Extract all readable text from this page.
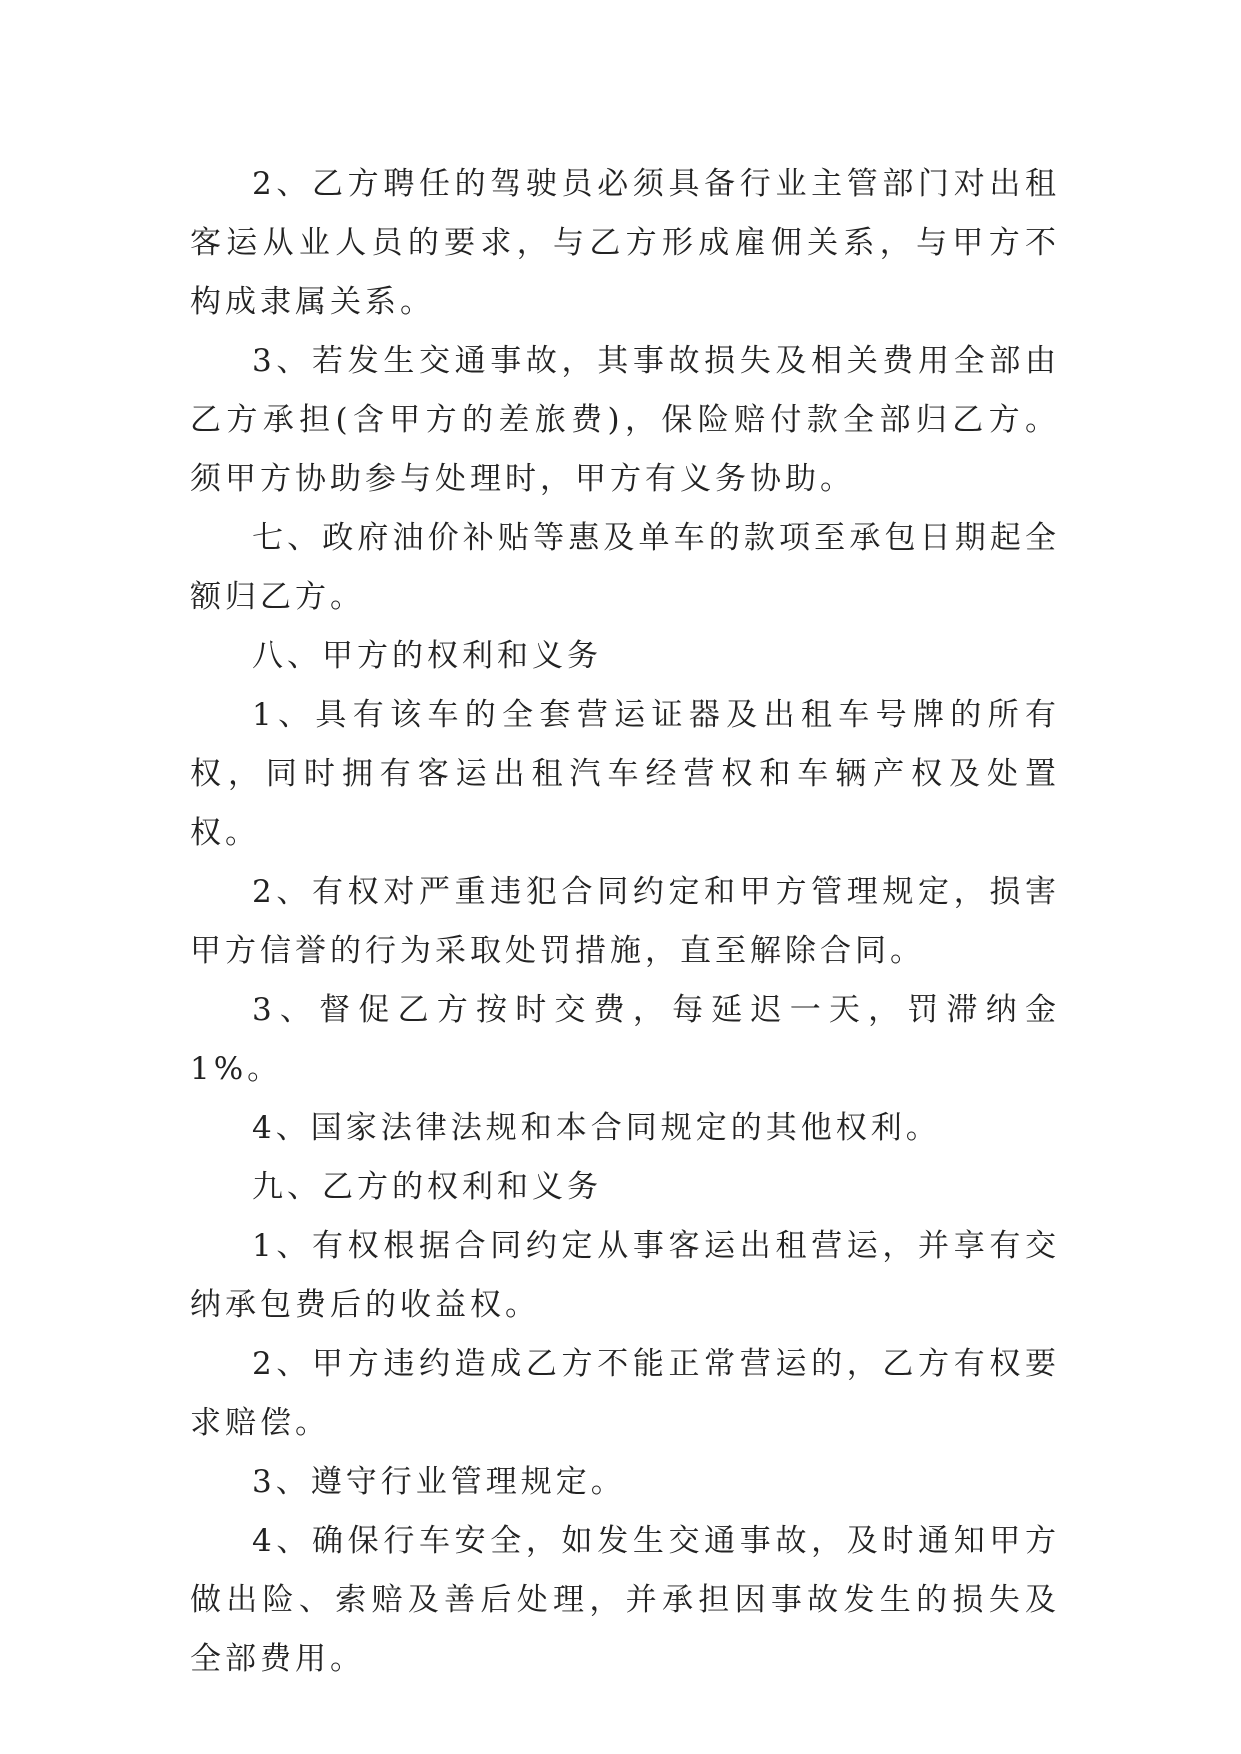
2、乙方聘任的驾驶员必须具备行业主管部门对出租客运从业人员的要求，与乙方形成雇佣关系，与甲方不构成隶属关系。

3、若发生交通事故，其事故损失及相关费用全部由乙方承担(含甲方的差旅费)，保险赔付款全部归乙方。须甲方协助参与处理时，甲方有义务协助。

七、政府油价补贴等惠及单车的款项至承包日期起全额归乙方。

八、甲方的权利和义务

1、具有该车的全套营运证器及出租车号牌的所有权，同时拥有客运出租汽车经营权和车辆产权及处置权。

2、有权对严重违犯合同约定和甲方管理规定，损害甲方信誉的行为采取处罚措施，直至解除合同。

3、督促乙方按时交费，每延迟一天，罚滞纳金1%。

4、国家法律法规和本合同规定的其他权利。

九、乙方的权利和义务

1、有权根据合同约定从事客运出租营运，并享有交纳承包费后的收益权。

2、甲方违约造成乙方不能正常营运的，乙方有权要求赔偿。

3、遵守行业管理规定。

4、确保行车安全，如发生交通事故，及时通知甲方做出险、索赔及善后处理，并承担因事故发生的损失及全部费用。
